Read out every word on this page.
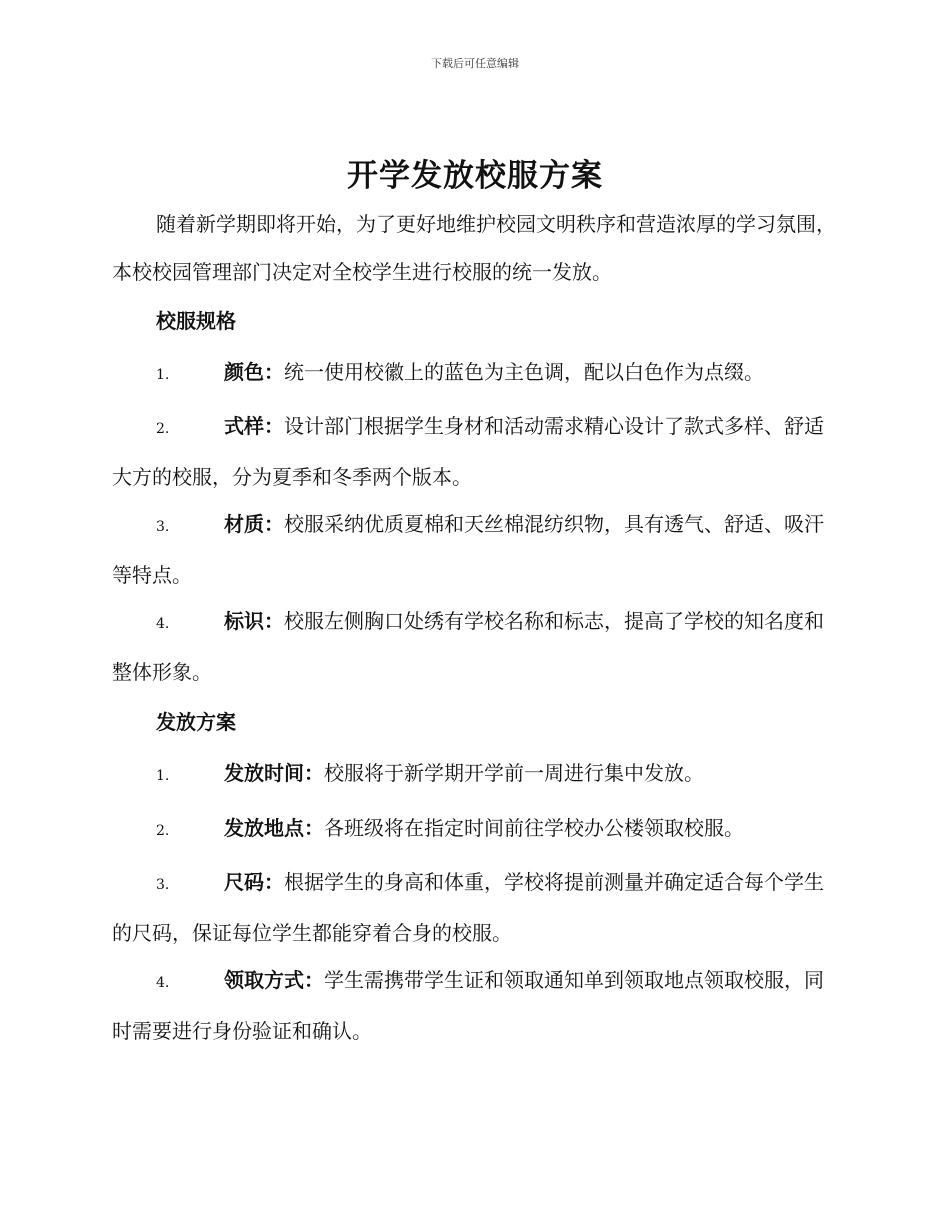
下载后可任意编辑
开学发放校服方案
随着新学期即将开始，为了更好地维护校园文明秩序和营造浓厚的学习氛围，本校校园管理部门决定对全校学生进行校服的统一发放。
校服规格
1.	颜色：统一使用校徽上的蓝色为主色调，配以白色作为点缀。
2.	式样：设计部门根据学生身材和活动需求精心设计了款式多样、舒适大方的校服，分为夏季和冬季两个版本。
3.	材质：校服采纳优质夏棉和天丝棉混纺织物，具有透气、舒适、吸汗等特点。
4.	标识：校服左侧胸口处绣有学校名称和标志，提高了学校的知名度和整体形象。
发放方案
1.	发放时间：校服将于新学期开学前一周进行集中发放。
2.	发放地点：各班级将在指定时间前往学校办公楼领取校服。
3.	尺码：根据学生的身高和体重，学校将提前测量并确定适合每个学生的尺码，保证每位学生都能穿着合身的校服。
4.	领取方式：学生需携带学生证和领取通知单到领取地点领取校服，同时需要进行身份验证和确认。
